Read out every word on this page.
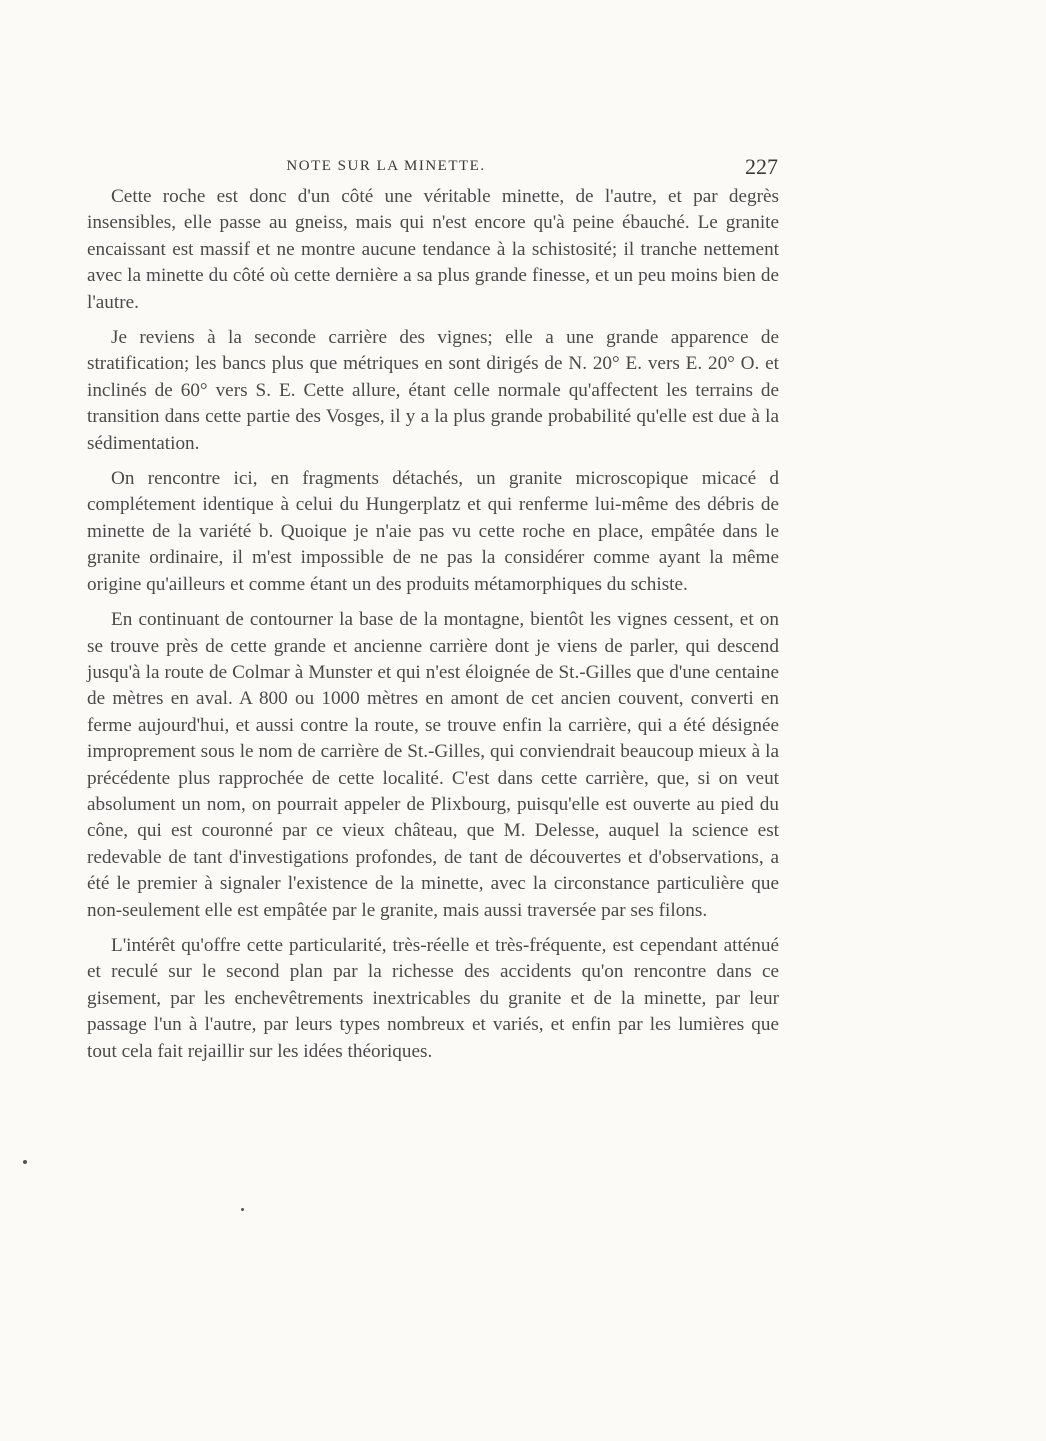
NOTE SUR LA MINETTE.	227

Cette roche est donc d'un côté une véritable minette, de l'autre, et par degrès insensibles, elle passe au gneiss, mais qui n'est encore qu'à peine ébauché. Le granite encaissant est massif et ne montre aucune tendance à la schistosité; il tranche nettement avec la minette du côté où cette dernière a sa plus grande finesse, et un peu moins bien de l'autre.

Je reviens à la seconde carrière des vignes; elle a une grande apparence de stratification; les bancs plus que métriques en sont dirigés de N. 20° E. vers E. 20° O. et inclinés de 60° vers S. E. Cette allure, étant celle normale qu'affectent les terrains de transition dans cette partie des Vosges, il y a la plus grande probabilité qu'elle est due à la sédimentation.

On rencontre ici, en fragments détachés, un granite microscopique micacé d complétement identique à celui du Hungerplatz et qui renferme lui-même des débris de minette de la variété b. Quoique je n'aie pas vu cette roche en place, empâtée dans le granite ordinaire, il m'est impossible de ne pas la considérer comme ayant la même origine qu'ailleurs et comme étant un des produits métamorphiques du schiste.

En continuant de contourner la base de la montagne, bientôt les vignes cessent, et on se trouve près de cette grande et ancienne carrière dont je viens de parler, qui descend jusqu'à la route de Colmar à Munster et qui n'est éloignée de St.-Gilles que d'une centaine de mètres en aval. A 800 ou 1000 mètres en amont de cet ancien couvent, converti en ferme aujourd'hui, et aussi contre la route, se trouve enfin la carrière, qui a été désignée improprement sous le nom de carrière de St.-Gilles, qui conviendrait beaucoup mieux à la précédente plus rapprochée de cette localité. C'est dans cette carrière, que, si on veut absolument un nom, on pourrait appeler de Plixbourg, puisqu'elle est ouverte au pied du cône, qui est couronné par ce vieux château, que M. Delesse, auquel la science est redevable de tant d'investigations profondes, de tant de découvertes et d'observations, a été le premier à signaler l'existence de la minette, avec la circonstance particulière que non-seulement elle est empâtée par le granite, mais aussi traversée par ses filons.

L'intérêt qu'offre cette particularité, très-réelle et très-fréquente, est cependant atténué et reculé sur le second plan par la richesse des accidents qu'on rencontre dans ce gisement, par les enchevêtrements inextricables du granite et de la minette, par leur passage l'un à l'autre, par leurs types nombreux et variés, et enfin par les lumières que tout cela fait rejaillir sur les idées théoriques.
